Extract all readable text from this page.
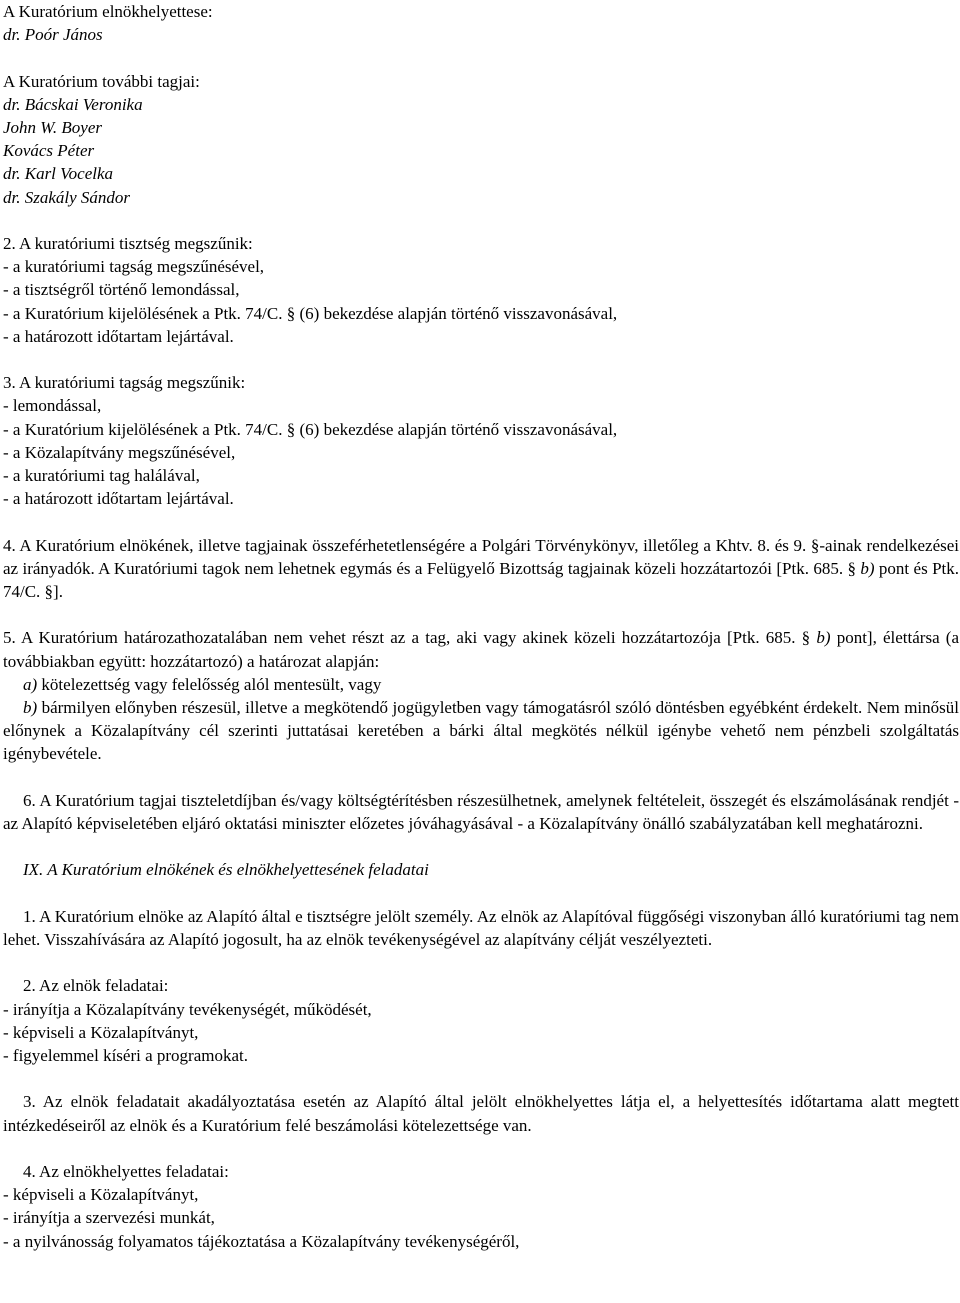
A Kuratórium elnökhelyettese:

dr. Poór János

A Kuratórium további tagjai:

dr. Bácskai Veronika

John W. Boyer

Kovács Péter

dr. Karl Vocelka

dr. Szakály Sándor

2. A kuratóriumi tisztség megszűnik:

- a kuratóriumi tagság megszűnésével,

- a tisztségről történő lemondással,

- a Kuratórium kijelölésének a Ptk. 74/C. § (6) bekezdése alapján történő visszavonásával,

- a határozott időtartam lejártával.

3. A kuratóriumi tagság megszűnik:

- lemondással,

- a Kuratórium kijelölésének a Ptk. 74/C. § (6) bekezdése alapján történő visszavonásával,

- a Közalapítvány megszűnésével,

- a kuratóriumi tag halálával,

- a határozott időtartam lejártával.

4. A Kuratórium elnökének, illetve tagjainak összeférhetetlenségére a Polgári Törvénykönyv, illetőleg a Khtv. 8. és 9. §-ainak rendelkezései az irányadók. A Kuratóriumi tagok nem lehetnek egymás és a Felügyelő Bizottság tagjainak közeli hozzátartozói [Ptk. 685. § b) pont és Ptk. 74/C. §].

5. A Kuratórium határozathozatalában nem vehet részt az a tag, aki vagy akinek közeli hozzátartozója [Ptk. 685. § b) pont], élettársa (a továbbiakban együtt: hozzátartozó) a határozat alapján:

a) kötelezettség vagy felelősség alól mentesült, vagy

b) bármilyen előnyben részesül, illetve a megkötendő jogügyletben vagy támogatásról szóló döntésben egyébként érdekelt. Nem minősül előnynek a Közalapítvány cél szerinti juttatásai keretében a bárki által megkötés nélkül igénybe vehető nem pénzbeli szolgáltatás igénybevétele.

6. A Kuratórium tagjai tiszteletdíjban és/vagy költségtérítésben részesülhetnek, amelynek feltételeit, összegét és elszámolásának rendjét - az Alapító képviseletében eljáró oktatási miniszter előzetes jóváhagyásával - a Közalapítvány önálló szabályzatában kell meghatározni.

IX. A Kuratórium elnökének és elnökhelyettesének feladatai

1. A Kuratórium elnöke az Alapító által e tisztségre jelölt személy. Az elnök az Alapítóval függőségi viszonyban álló kuratóriumi tag nem lehet. Visszahívására az Alapító jogosult, ha az elnök tevékenységével az alapítvány célját veszélyezteti.

2. Az elnök feladatai:

- irányítja a Közalapítvány tevékenységét, működését,

- képviseli a Közalapítványt,

- figyelemmel kíséri a programokat.

3. Az elnök feladatait akadályoztatása esetén az Alapító által jelölt elnökhelyettes látja el, a helyettesítés időtartama alatt megtett intézkedéseiről az elnök és a Kuratórium felé beszámolási kötelezettsége van.

4. Az elnökhelyettes feladatai:

- képviseli a Közalapítványt,

- irányítja a szervezési munkát,

- a nyilvánosság folyamatos tájékoztatása a Közalapítvány tevékenységéről,
